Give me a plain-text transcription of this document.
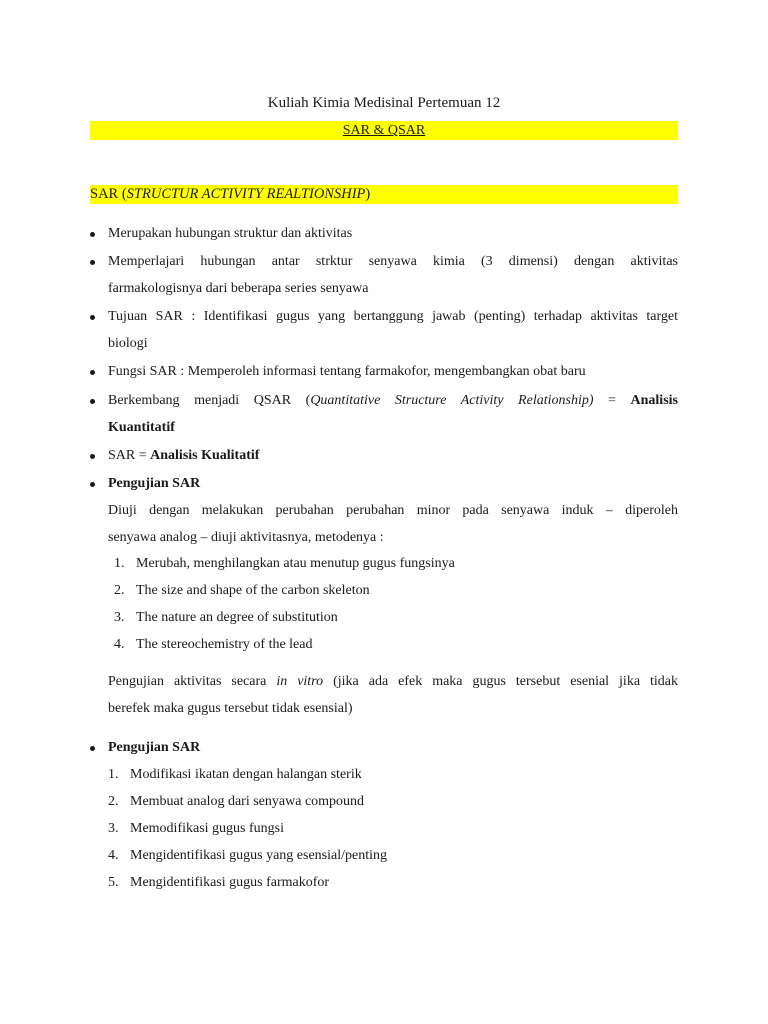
Kuliah Kimia Medisinal Pertemuan 12
SAR & QSAR
SAR (STRUCTUR ACTIVITY REALTIONSHIP)
Merupakan hubungan struktur dan aktivitas
Memperlajari hubungan antar strktur senyawa kimia (3 dimensi) dengan aktivitas
farmakologisnya dari beberapa series senyawa
Tujuan SAR : Identifikasi gugus yang bertanggung jawab (penting) terhadap aktivitas target
biologi
Fungsi SAR : Memperoleh informasi tentang farmakofor, mengembangkan obat baru
Berkembang menjadi QSAR (Quantitative Structure Activity Relationship) = Analisis
Kuantitatif
SAR = Analisis Kualitatif
Pengujian SAR
Diuji dengan melakukan perubahan perubahan minor pada senyawa induk – diperoleh
senyawa analog – diuji aktivitasnya, metodenya :
1. Merubah, menghilangkan atau menutup gugus fungsinya
2. The size and shape of the carbon skeleton
3. The nature an degree of substitution
4. The stereochemistry of the lead
Pengujian aktivitas secara in vitro (jika ada efek maka gugus tersebut esenial jika tidak
berefek maka gugus tersebut tidak esensial)
Pengujian SAR
1. Modifikasi ikatan dengan halangan sterik
2. Membuat analog dari senyawa compound
3. Memodifikasi gugus fungsi
4. Mengidentifikasi gugus yang esensial/penting
5. Mengidentifikasi gugus farmakofor
